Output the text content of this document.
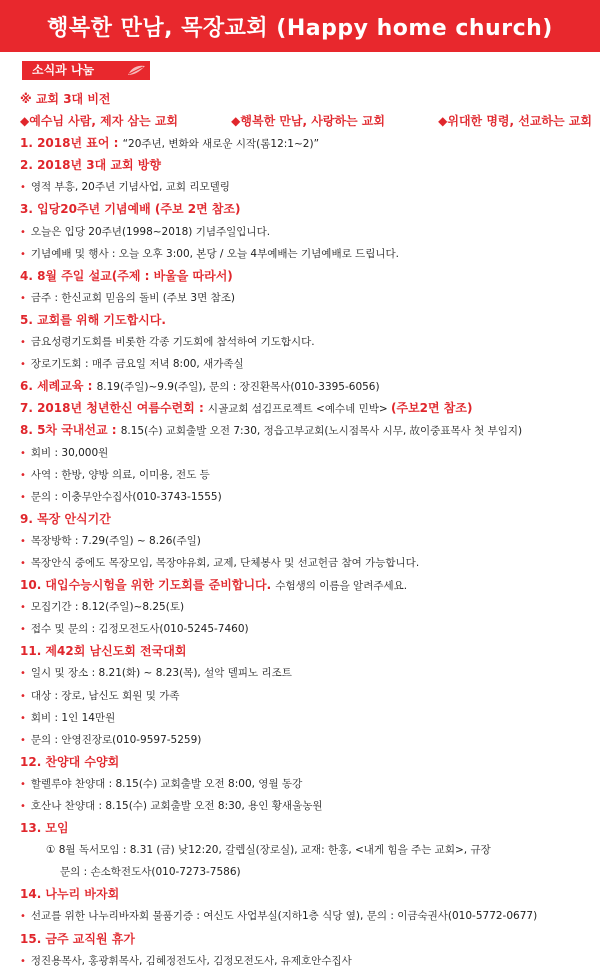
행복한 만남, 목장교회 (Happy home church)
소식과 나눔
※ 교회 3대 비전
◆예수님 사람, 제자 삼는 교회	◆행복한 만남, 사랑하는 교회	◆위대한 명령, 선교하는 교회
1. 2018년 표어 : “20주년, 변화와 새로운 시작(롬12:1~2)”
2. 2018년 3대 교회 방향
• 영적 부흥, 20주년 기념사업, 교회 리모델링
3. 입당20주년 기념예배 (주보 2면 참조)
• 오늘은 입당 20주년(1998~2018) 기념주일입니다.
• 기념예배 및 행사 : 오늘 오후 3:00, 본당 / 오늘 4부예배는 기념예배로 드립니다.
4. 8월 주일 설교(주제 : 바울을 따라서)
• 금주 : 한신교회 믿음의 돌비 (주보 3면 참조)
5. 교회를 위해 기도합시다.
• 금요성령기도회를 비롯한 각종 기도회에 참석하여 기도합시다.
• 장로기도회 : 매주 금요일 저녁 8:00, 새가족실
6. 세례교육 : 8.19(주일)~9.9(주일), 문의 : 장진환목사(010-3395-6056)
7. 2018년 청년한신 여름수련회 : 시골교회 섬김프로젝트 <예수네 민박> (주보2면 참조)
8. 5차 국내선교 : 8.15(수) 교회출발 오전 7:30, 정읍고부교회(노시점목사 시무, 故이중표목사 첫 부임지)
• 회비 : 30,000원
• 사역 : 한방, 양방 의료, 이미용, 전도 등
• 문의 : 이충무안수집사(010-3743-1555)
9. 목장 안식기간
• 목장방학 : 7.29(주일) ~ 8.26(주일)
• 목장안식 중에도 목장모임, 목장야유회, 교제, 단체봉사 및 선교헌금 참여 가능합니다.
10. 대입수능시험을 위한 기도회를 준비합니다. 수험생의 이름을 알려주세요.
• 모집기간 : 8.12(주일)~8.25(토)
• 접수 및 문의 : 김정모전도사(010-5245-7460)
11. 제42회 남신도회 전국대회
• 일시 및 장소 : 8.21(화) ~ 8.23(목), 설악 델피노 리조트
• 대상 : 장로, 남신도 회원 및 가족
• 회비 : 1인 14만원
• 문의 : 안영진장로(010-9597-5259)
12. 찬양대 수양회
• 할렐루야 찬양대 : 8.15(수) 교회출발 오전 8:00, 영월 동강
• 호산나 찬양대 : 8.15(수) 교회출발 오전 8:30, 용인 황새울농원
13. 모임
① 8월 독서모임 : 8.31 (금) 낮12:20, 갈렙실(장로실), 교재: 한홍, <내게 힘을 주는 교회>, 규장
문의 : 손소학전도사(010-7273-7586)
14. 나누리 바자회
• 선교를 위한 나누리바자회 물품기증 : 여신도 사업부실(지하1층 식당 옆), 문의 : 이금숙권사(010-5772-0677)
15. 금주 교직원 휴가
• 정진용목사, 홍광휘목사, 김혜정전도사, 김정모전도사, 유제호안수집사
